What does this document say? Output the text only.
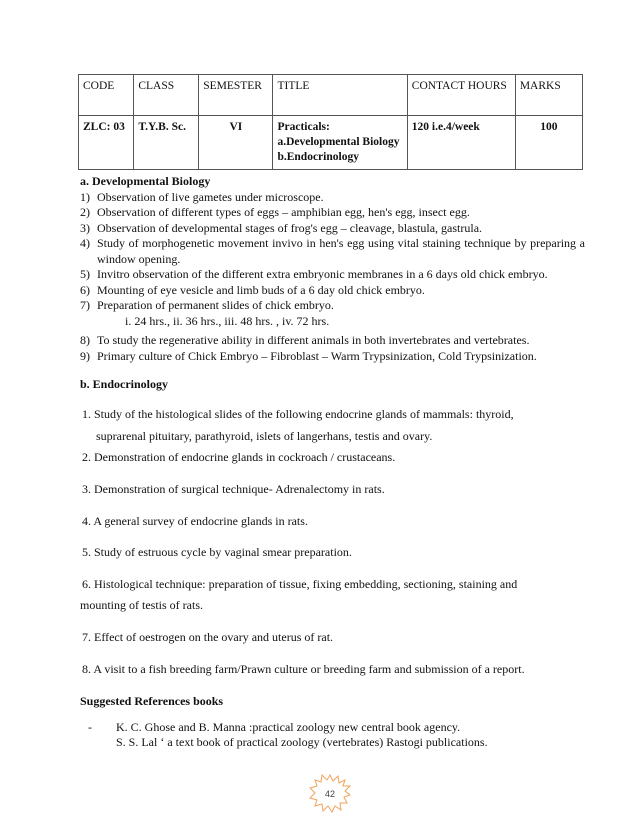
CODE	CLASS	SEMESTER	TITLE	CONTACT HOURS	MARKS
ZLC: 03	T.Y.B. Sc.	VI	Practicals:
a.Developmental Biology
b.Endocrinology	120 i.e.4/week	100
a. Developmental Biology
1) Observation of live gametes under microscope.
2) Observation of different types of eggs – amphibian egg, hen's egg, insect egg.
3) Observation of developmental stages of frog's egg – cleavage, blastula, gastrula.
4) Study of morphogenetic movement invivo in hen's egg using vital staining technique by preparing a window opening.
5) Invitro observation of the different extra embryonic membranes in a 6 days old chick embryo.
6) Mounting of eye vesicle and limb buds of a 6 day old chick embryo.
7) Preparation of permanent slides of chick embryo.
i. 24 hrs., ii. 36 hrs., iii. 48 hrs. , iv. 72 hrs.
8) To study the regenerative ability in different animals in both invertebrates and vertebrates.
9) Primary culture of Chick Embryo – Fibroblast – Warm Trypsinization, Cold Trypsinization.
b. Endocrinology
1. Study of the histological slides of the following endocrine glands of mammals: thyroid,
suprarenal pituitary, parathyroid, islets of langerhans, testis and ovary.
2. Demonstration of endocrine glands in cockroach / crustaceans.
3. Demonstration of surgical technique- Adrenalectomy in rats.
4. A general survey of endocrine glands in rats.
5. Study of estruous cycle by vaginal smear preparation.
6. Histological technique: preparation of tissue, fixing embedding, sectioning, staining and
mounting of testis of rats.
7. Effect of oestrogen on the ovary and uterus of rat.
8. A visit to a fish breeding farm/Prawn culture or breeding farm and submission of a report.
Suggested References books
- K. C. Ghose and B. Manna :practical zoology new central book agency.
S. S. Lal ‘ a text book of practical zoology (vertebrates) Rastogi publications.
42
